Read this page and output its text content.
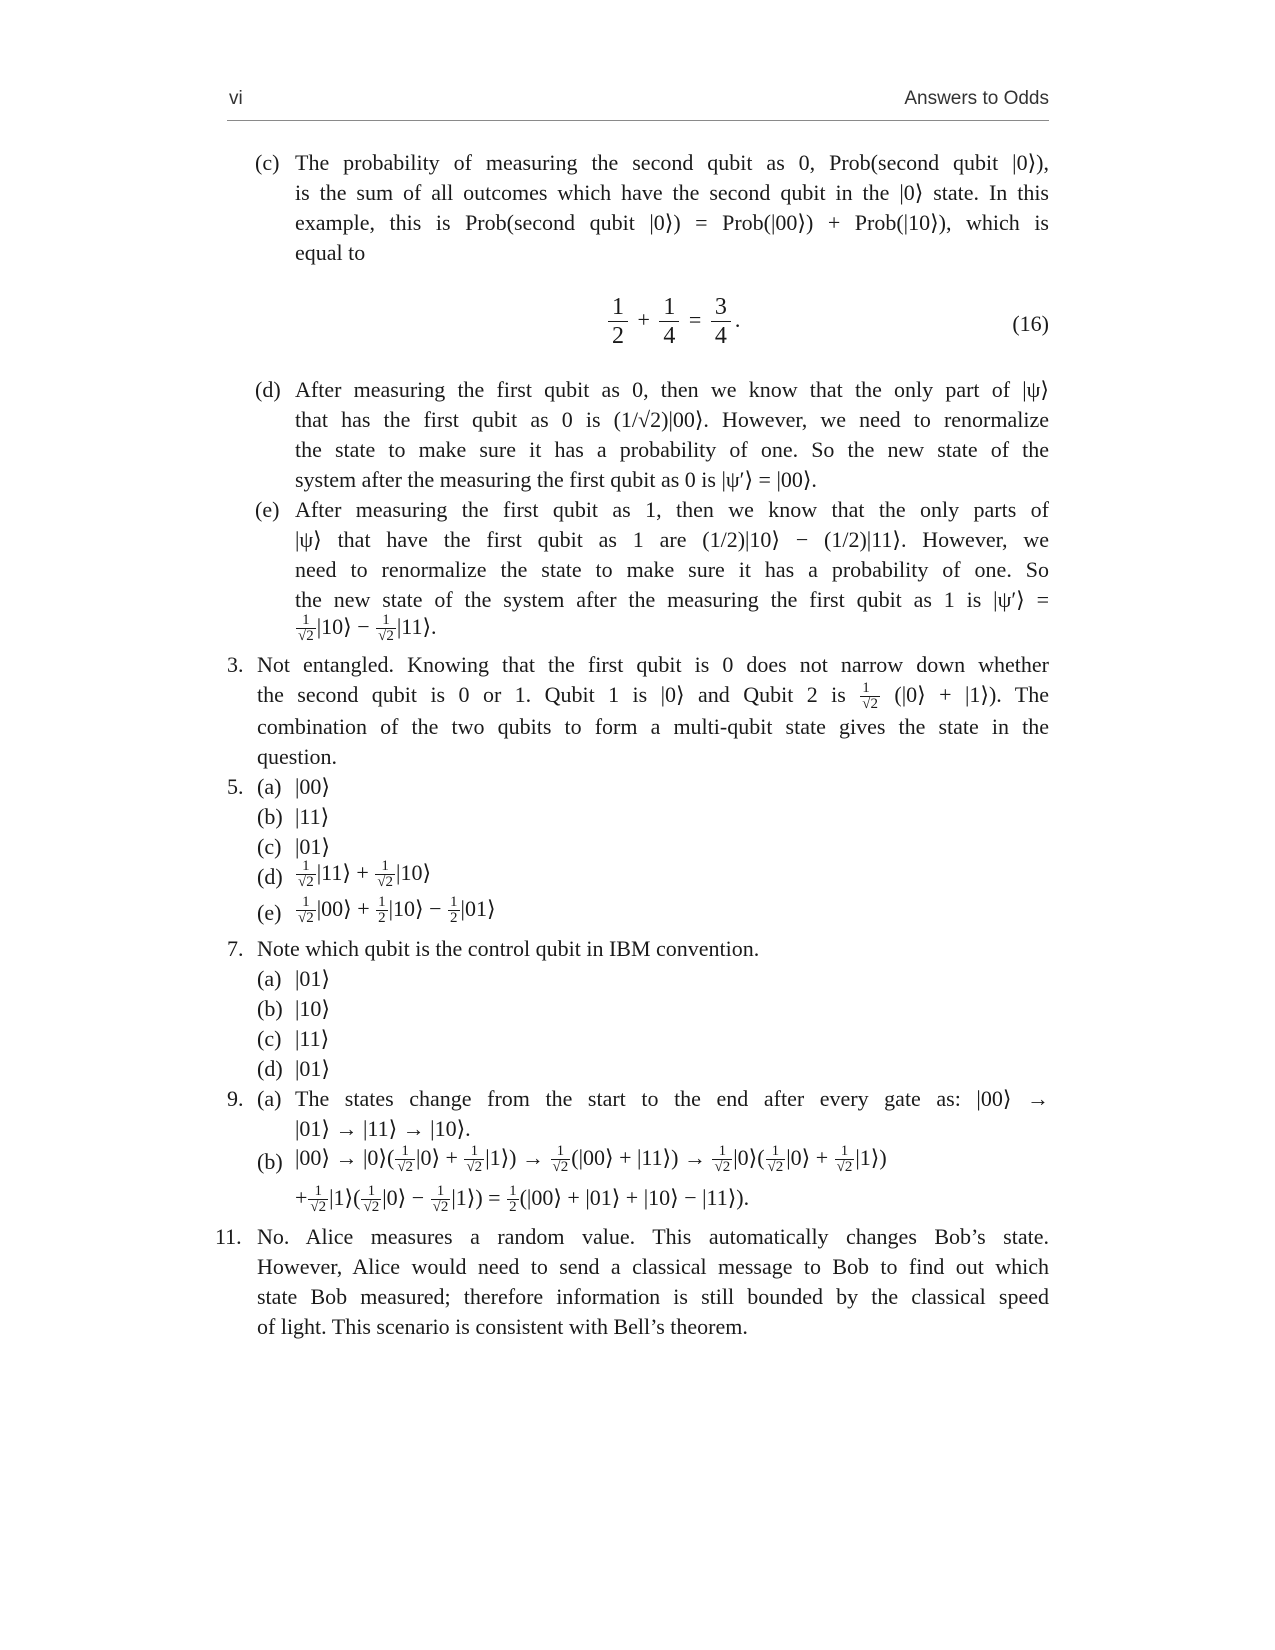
vi	Answers to Odds
(c) The probability of measuring the second qubit as 0, Prob(second qubit |0⟩),
is the sum of all outcomes which have the second qubit in the |0⟩ state. In this
example, this is Prob(second qubit |0⟩) = Prob(|00⟩) + Prob(|10⟩), which is
equal to
$\frac{1}{2} + \frac{1}{4} = \frac{3}{4}$ .	(16)
(d) After measuring the first qubit as 0, then we know that the only part of |ψ⟩
that has the first qubit as 0 is (1/√2)|00⟩. However, we need to renormalize
the state to make sure it has a probability of one. So the new state of the
system after the measuring the first qubit as 0 is |ψ′⟩ = |00⟩.
(e) After measuring the first qubit as 1, then we know that the only parts of
|ψ⟩ that have the first qubit as 1 are (1/2)|10⟩ − (1/2)|11⟩. However, we
need to renormalize the state to make sure it has a probability of one. So
the new state of the system after the measuring the first qubit as 1 is |ψ′⟩ =
$\frac{1}{√2}$ |10⟩ − $\frac{1}{√2}$ |11⟩.
3. Not entangled. Knowing that the first qubit is 0 does not narrow down whether
the second qubit is 0 or 1. Qubit 1 is |0⟩ and Qubit 2 is $\frac{1}{√2}$ (|0⟩ + |1⟩). The
combination of the two qubits to form a multi-qubit state gives the state in the
question.
5. (a) |00⟩
(b) |11⟩
(c) |01⟩
$(d) \frac{1}{√2}$ |11⟩ + $\frac{1}{√2}$ |10⟩
$(e) \frac{1}{√2}$ |00⟩ + $\frac{1}{2}$ |10⟩ − $\frac{1}{2}$ |01⟩
7. Note which qubit is the control qubit in IBM convention.
(a) |01⟩
(b) |10⟩
(c) |11⟩
(d) |01⟩
9. (a) The states change from the start to the end after every gate as: |00⟩ →
|01⟩ → |11⟩ → |10⟩.
(b) |00⟩ → |0⟩( $\frac{1}{√2}$ |0⟩ + $\frac{1}{√2}$ |1⟩) → $\frac{1}{√2}$ (|00⟩ + |11⟩) → $\frac{1}{√2}$ |0⟩( $\frac{1}{√2}$ |0⟩ + $\frac{1}{√2}$ |1⟩)
+ $\frac{1}{√2}$ |1⟩( $\frac{1}{√2}$ |0⟩ − $\frac{1}{√2}$ |1⟩) = $\frac{1}{2}$ (|00⟩ + |01⟩ + |10⟩ − |11⟩).
11. No. Alice measures a random value. This automatically changes Bob’s state.
However, Alice would need to send a classical message to Bob to find out which
state Bob measured; therefore information is still bounded by the classical speed
of light. This scenario is consistent with Bell’s theorem.
